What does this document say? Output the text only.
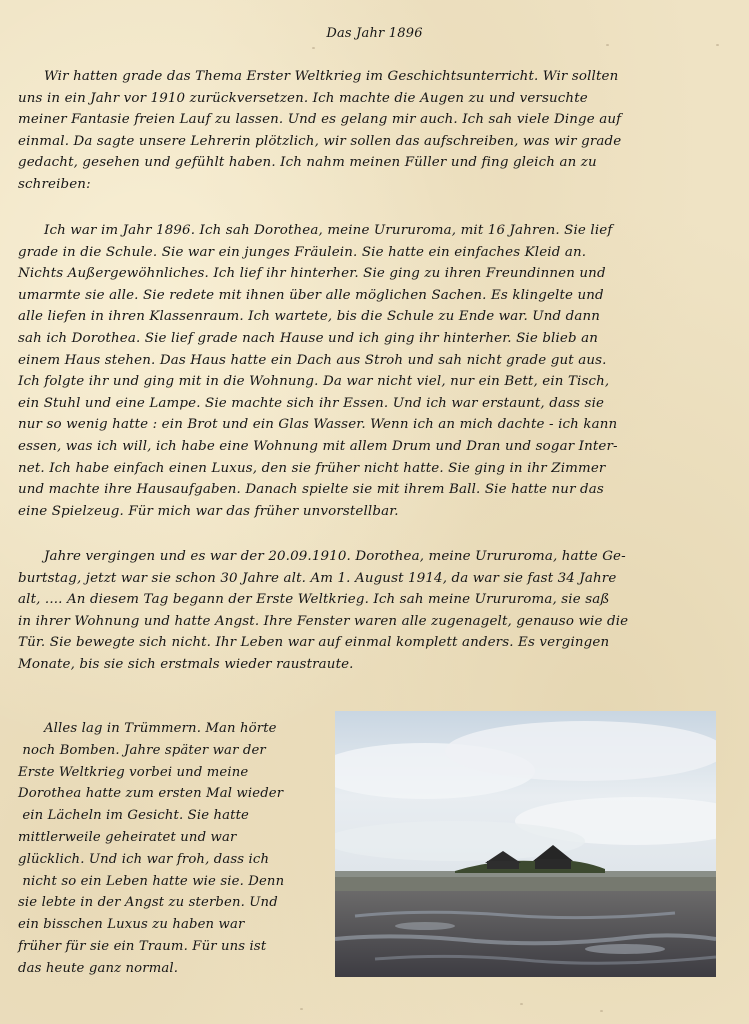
Das Jahr 1896
Wir hatten grade das Thema Erster Weltkrieg im Geschichtsunterricht. Wir sollten
uns in ein Jahr vor 1910 zurückversetzen. Ich machte die Augen zu und versuchte
meiner Fantasie freien Lauf zu lassen. Und es gelang mir auch. Ich sah viele Dinge auf
einmal. Da sagte unsere Lehrerin plötzlich, wir sollen das aufschreiben, was wir grade
gedacht, gesehen und gefühlt haben. Ich nahm meinen Füller und fing gleich an zu
schreiben:
Ich war im Jahr 1896. Ich sah Dorothea, meine Urururoma, mit 16 Jahren. Sie lief
grade in die Schule. Sie war ein junges Fräulein. Sie hatte ein einfaches Kleid an.
Nichts Außergewöhnliches. Ich lief ihr hinterher. Sie ging zu ihren Freundinnen und
umarmte sie alle. Sie redete mit ihnen über alle möglichen Sachen. Es klingelte und
alle liefen in ihren Klassenraum. Ich wartete, bis die Schule zu Ende war. Und dann
sah ich Dorothea. Sie lief grade nach Hause und ich ging ihr hinterher. Sie blieb an
einem Haus stehen. Das Haus hatte ein Dach aus Stroh und sah nicht grade gut aus.
Ich folgte ihr und ging mit in die Wohnung. Da war nicht viel, nur ein Bett, ein Tisch,
ein Stuhl und eine Lampe. Sie machte sich ihr Essen. Und ich war erstaunt, dass sie
nur so wenig hatte : ein Brot und ein Glas Wasser. Wenn ich an mich dachte - ich kann
essen, was ich will, ich habe eine Wohnung mit allem Drum und Dran und sogar Inter-
net. Ich habe einfach einen Luxus, den sie früher nicht hatte. Sie ging in ihr Zimmer
und machte ihre Hausaufgaben. Danach spielte sie mit ihrem Ball. Sie hatte nur das
eine Spielzeug. Für mich war das früher unvorstellbar.
Jahre vergingen und es war der 20.09.1910. Dorothea, meine Urururoma, hatte Ge-
burtstag, jetzt war sie schon 30 Jahre alt. Am 1. August 1914, da war sie fast 34 Jahre
alt, .... An diesem Tag begann der Erste Weltkrieg. Ich sah meine Urururoma, sie saß
in ihrer Wohnung und hatte Angst. Ihre Fenster waren alle zugenagelt, genauso wie die
Tür. Sie bewegte sich nicht. Ihr Leben war auf einmal komplett anders. Es vergingen
Monate, bis sie sich erstmals wieder raustraute.
Alles lag in Trümmern. Man hörte
noch Bomben. Jahre später war der
Erste Weltkrieg vorbei und meine
Dorothea hatte zum ersten Mal wieder
ein Lächeln im Gesicht. Sie hatte
mittlerweile geheiratet und war
glücklich. Und ich war froh, dass ich
nicht so ein Leben hatte wie sie. Denn
sie lebte in der Angst zu sterben. Und
ein bisschen Luxus zu haben war
früher für sie ein Traum. Für uns ist
das heute ganz normal.
